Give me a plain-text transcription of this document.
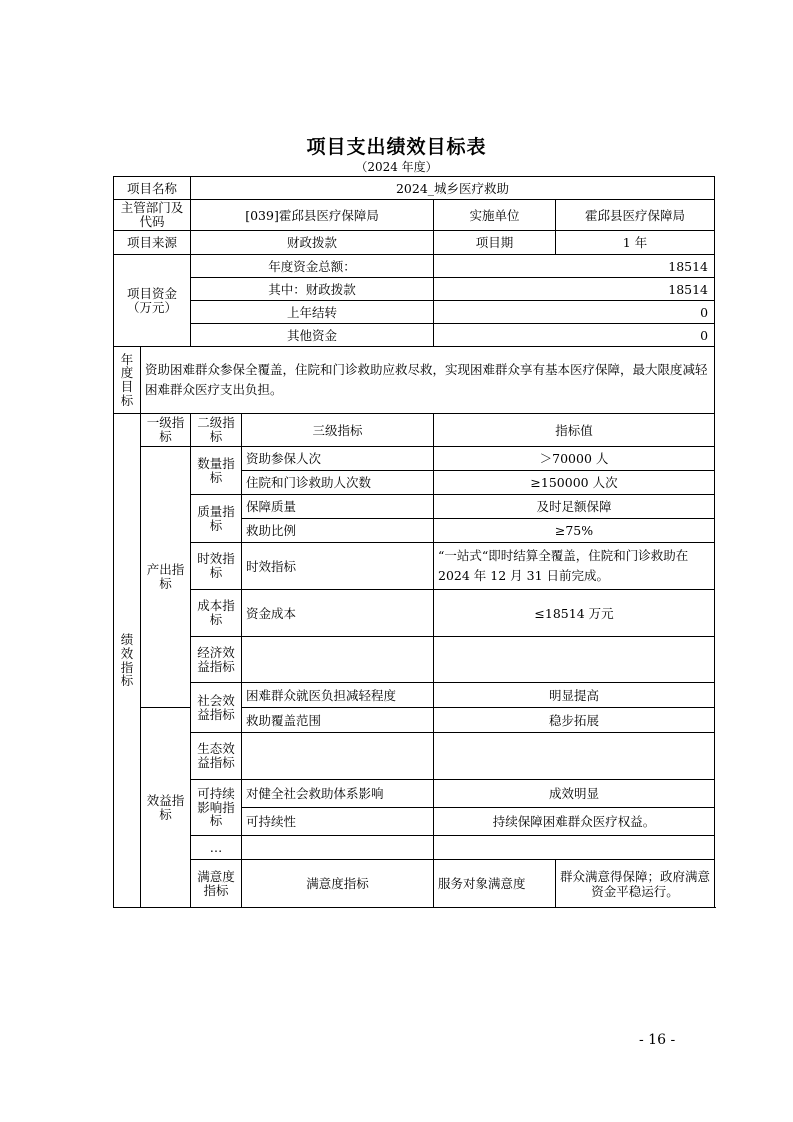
项目支出绩效目标表
（2024 年度）
项目名称		2024_城乡医疗救助			
主管部门及代码		[039]霍邱县医疗保障局		实施单位	霍邱县医疗保障局
项目来源		财政拨款		项目期	1 年
项目资金（万元）		年度资金总额：		18514	
		其中：财政拨款		18514	
		上年结转		0	
		其他资金		0	
年度目标	资助困难群众参保全覆盖，住院和门诊救助应救尽救，实现困难群众享有基本医疗保障，最大限度减轻困难群众医疗支出负担。				
绩效指标	一级指标	二级指标	三级指标	指标值	
	产出指标	数量指标	资助参保人次	＞70000 人	
			住院和门诊救助人次数	≥150000 人次	
		质量指标	保障质量	及时足额保障	
			救助比例	≥75%	
		时效指标	时效指标	“一站式“即时结算全覆盖，住院和门诊救助在 2024 年 12 月 31 日前完成。	
		成本指标	资金成本	≤18514 万元	
		经济效益指标			
		社会效益指标	困难群众就医负担减轻程度	明显提高	
	效益指标		救助覆盖范围	稳步拓展	
		生态效益指标			
		可持续影响指标	对健全社会救助体系影响	成效明显	
			可持续性	持续保障困难群众医疗权益。	
		…			
		满意度指标	满意度指标	服务对象满意度	群众满意得保障；政府满意资金平稳运行。
- 16 -
